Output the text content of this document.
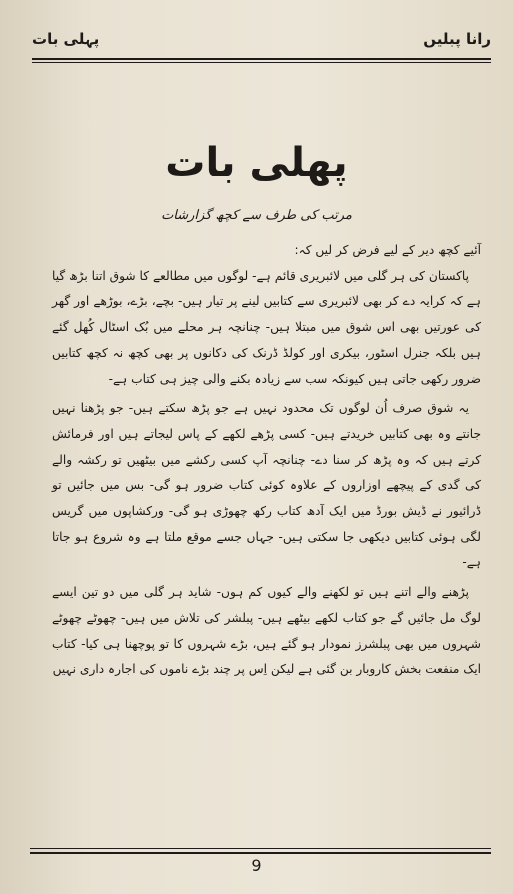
رانا پبلیں
پہلی بات
پھلی بات
مرتب کی طرف سے کچھ گزارشات

آئیے کچھ دیر کے لیے فرض کر لیں کہ:

پاکستان کی ہر گلی میں لائبریری قائم ہے- لوگوں میں مطالعے کا شوق اتنا بڑھ گیا ہے کہ کرایہ دے کر بھی لائبریری سے کتابیں لینے پر تیار ہیں- بچے، بڑے، بوڑھے اور گھر کی عورتیں بھی اس شوق میں مبتلا ہیں- چنانچہ ہر محلے میں بُک اسٹال کُھل گئے ہیں بلکہ جنرل اسٹور، بیکری اور کولڈ ڈرنک کی دکانوں پر بھی کچھ نہ کچھ کتابیں ضرور رکھی جاتی ہیں کیونکہ سب سے زیادہ بکنے والی چیز ہی کتاب ہے-

یہ شوق صرف اُن لوگوں تک محدود نہیں ہے جو پڑھ سکتے ہیں- جو پڑھنا نہیں جانتے وہ بھی کتابیں خریدتے ہیں- کسی پڑھے لکھے کے پاس لیجاتے ہیں اور فرمائش کرتے ہیں کہ وہ پڑھ کر سنا دے- چنانچہ آپ کسی رکشے میں بیٹھیں تو رکشہ والے کی گدی کے پیچھے اوزاروں کے علاوہ کوئی کتاب ضرور ہو گی- بس میں جائیں تو ڈرائیور نے ڈیش بورڈ میں ایک آدھ کتاب رکھ چھوڑی ہو گی- ورکشاپوں میں گریس لگی ہوئی کتابیں دیکھی جا سکتی ہیں- جہاں جسے موقع ملتا ہے وہ شروع ہو جاتا ہے-

پڑھنے والے اتنے ہیں تو لکھنے والے کیوں کم ہوں- شاید ہر گلی میں دو تین ایسے لوگ مل جائیں گے جو کتاب لکھے بیٹھے ہیں- پبلشر کی تلاش میں ہیں- چھوٹے چھوٹے شہروں میں بھی پبلشرز نمودار ہو گئے ہیں، بڑے شہروں کا تو پوچھنا ہی کیا- کتاب ایک منفعت بخش کاروبار بن گئی ہے لیکن اِس پر چند بڑے ناموں کی اجارہ داری نہیں

9
